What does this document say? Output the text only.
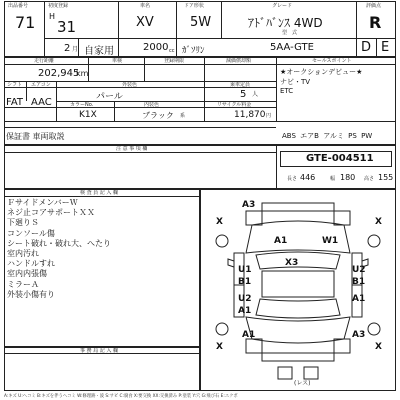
出品番号
71
初度登録
H
31
2 月
車名
XV
自家用
ドア形状
5W
2000 cc ｶﾞｿﾘﾝ
グレード
ｱﾄﾞﾊﾞﾝｽ 4WD
型　式
5AA-GTE
評価点
R
D E
走行距離	車検	登録期限	減価償却額
202,945
km
シフト エアコン	外装色	乗車定員
FAT AAC	パール	5 人
カラーNo.	内装色	リサイクル料金
K1X	ブラック 系	11,870 円
セールスポイント
★オークションデビュー★
ナビ・TV
ETC
保証書 車両取説	ABS エアB アルミ PS PW
注 意 事 項 欄
GTE-004511
長さ 446	幅 180 高さ 155
検 査 員 記 入 欄
ＦサイドメンバーＷ
ネジ止コアサポートＸＸ
下廻りＳ
コンソール傷
シート破れ・破れ大、へたり
室内汚れ
ハンドルすれ
室内内張傷
ミラーＡ
外装小傷有り
事 務 局 記 入 欄
A3
X	X
A1	W1
X3
U1
B1
U2
B1
U2
A1
A1
A1	A3
X	X
(レス)
A:キズ U:ヘコミ B:キズを伴うヘコミ W:修理跡・波 S:サビ C:腐食 X:要交換 XX:交換済み P:塗装 Y:穴 G:飛び石 E:エクボ
